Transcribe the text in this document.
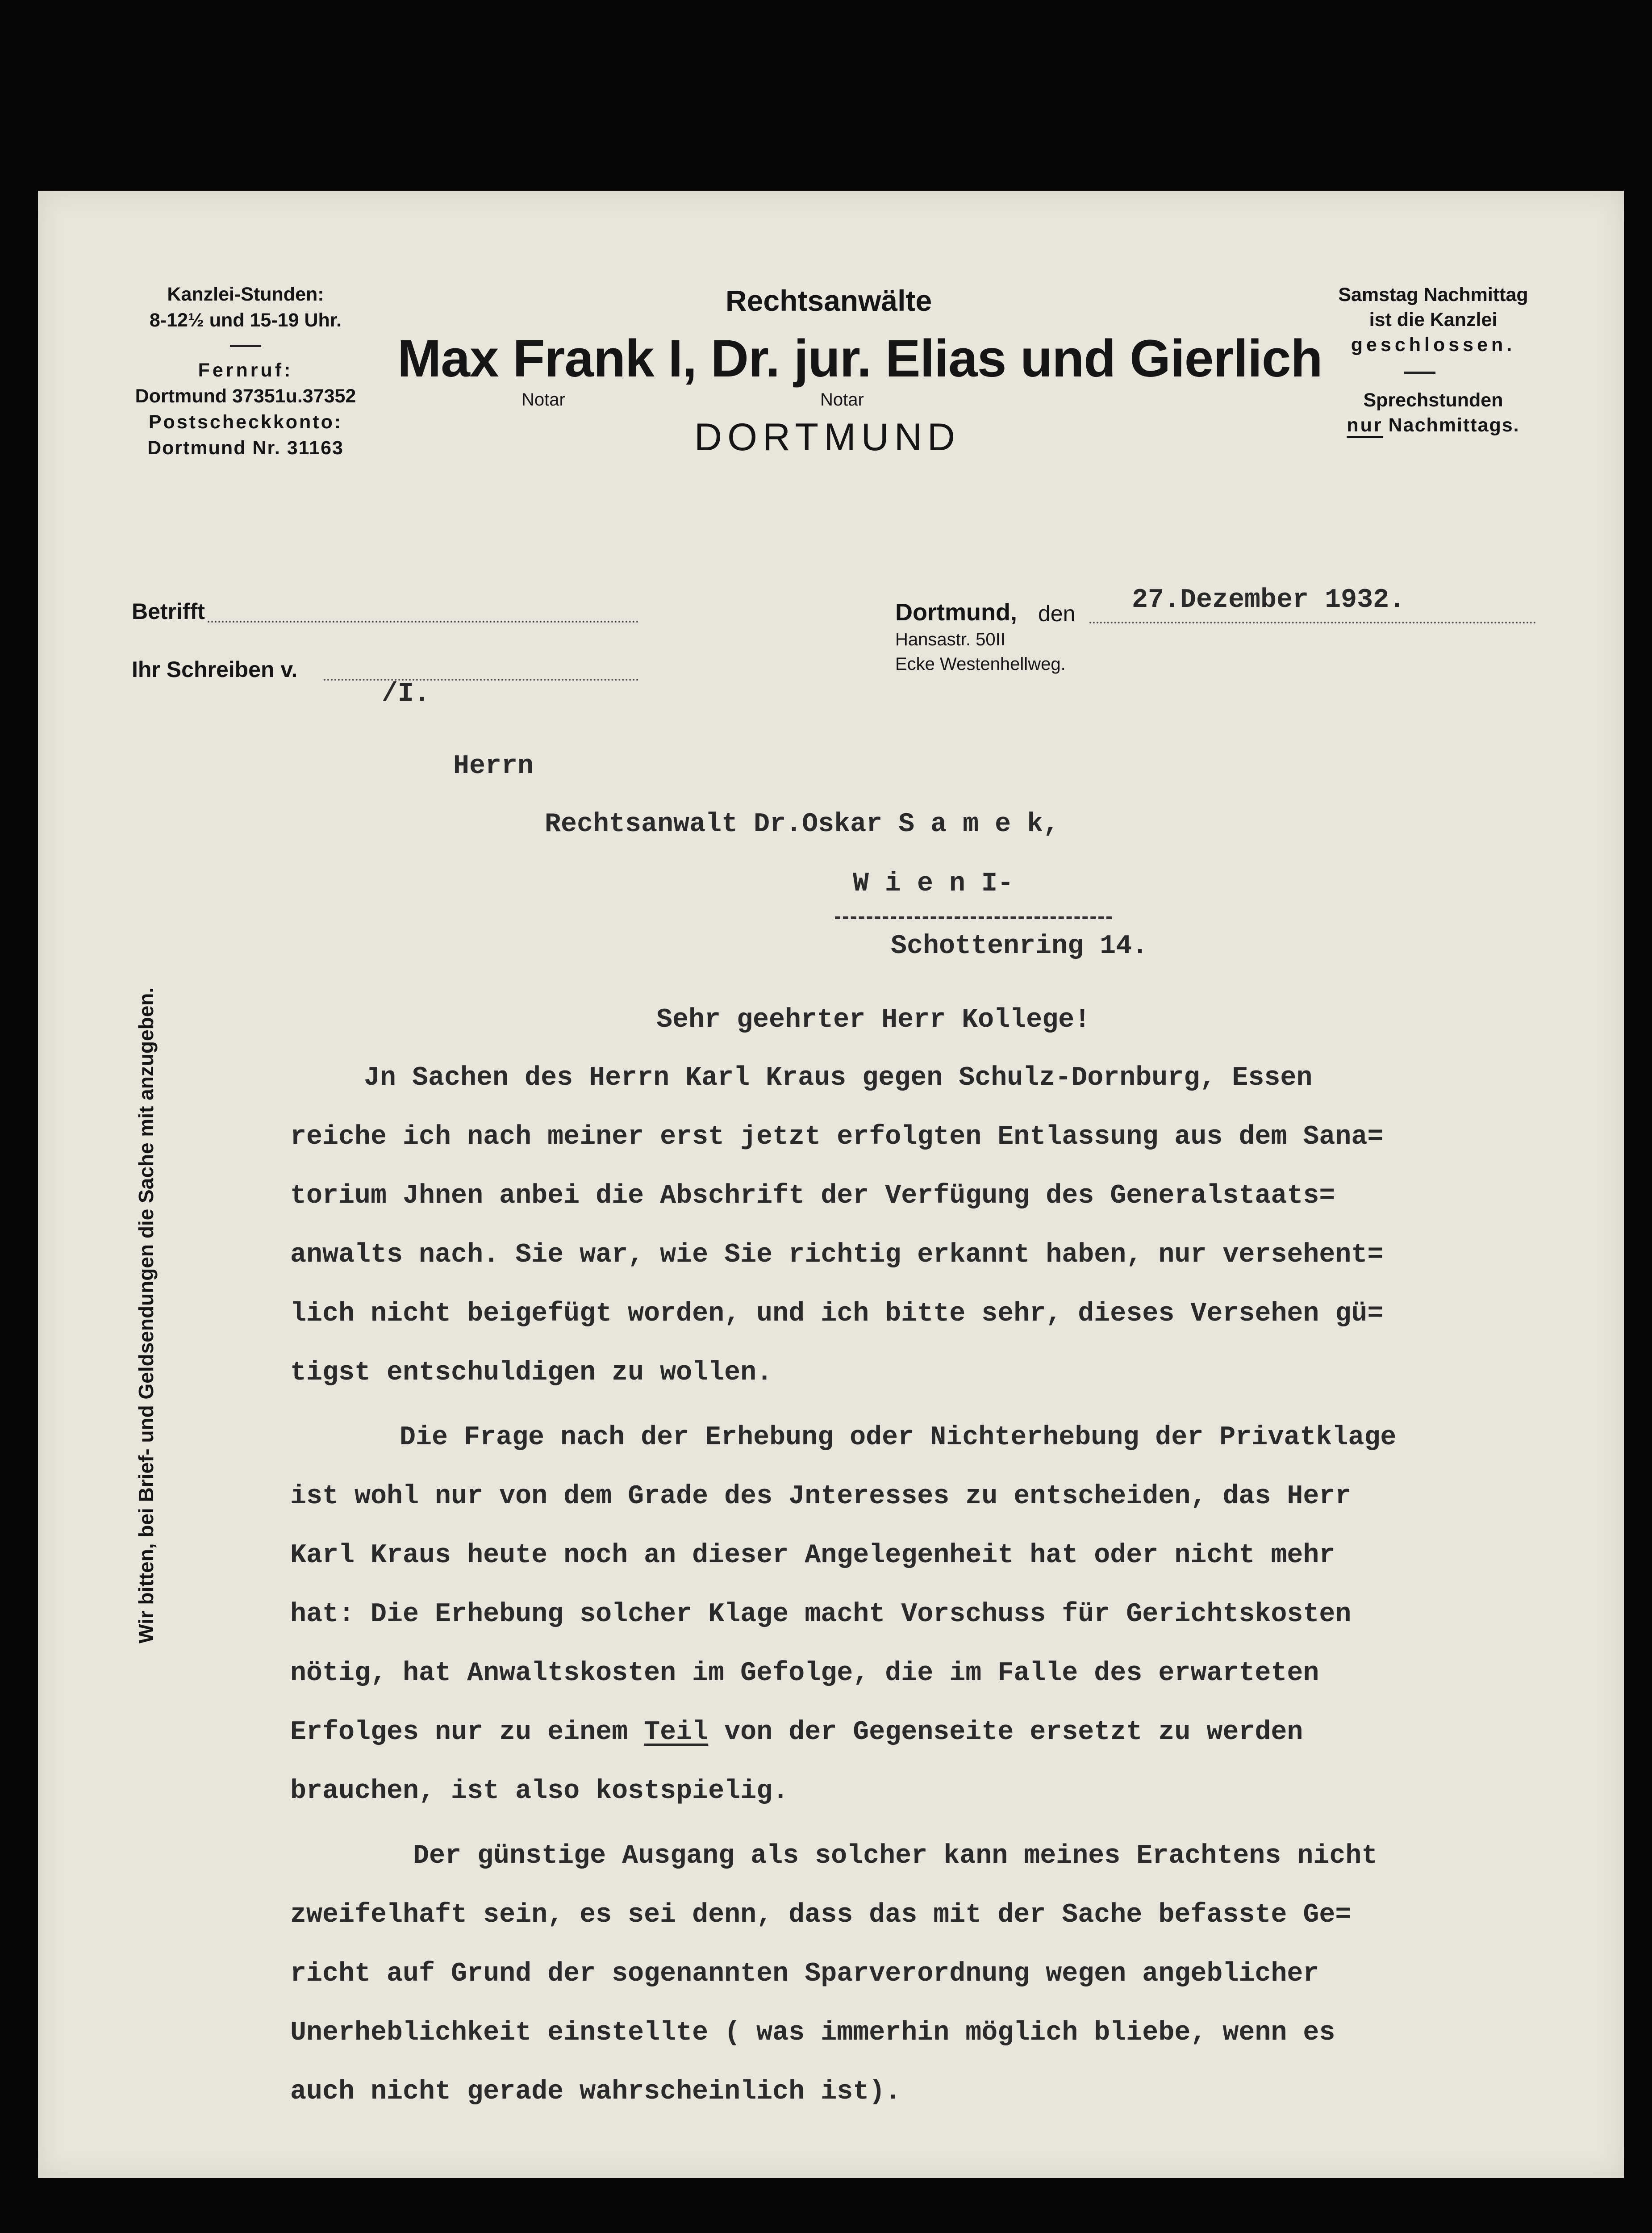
Kanzlei-Stunden:
8-12½ und 15-19 Uhr.
Fernruf:
Dortmund 37351u.37352
Postscheckkonto:
Dortmund Nr. 31163
Rechtsanwälte
Max Frank I, Dr. jur. Elias und Gierlich
Notar	Notar
DORTMUND
Samstag Nachmittag
ist die Kanzlei
geschlossen.
Sprechstunden
nur Nachmittags.
Betrifft
Ihr Schreiben v.
/I.
Dortmund, den 27.Dezember 1932.
Hansastr. 50II
Ecke Westenhellweg.
Wir bitten, bei Brief- und Geldsendungen die Sache mit anzugeben.
Herrn
Rechtsanwalt Dr.Oskar S a m e k,
W i e n I-
Schottenring 14.
Sehr geehrter Herr Kollege!
Jn Sachen des Herrn Karl Kraus gegen Schulz-Dornburg, Essen
reiche ich nach meiner erst jetzt erfolgten Entlassung aus dem Sana=
torium Jhnen anbei die Abschrift der Verfügung des Generalstaats=
anwalts nach. Sie war, wie Sie richtig erkannt haben, nur versehent=
lich nicht beigefügt worden, und ich bitte sehr, dieses Versehen gü=
tigst entschuldigen zu wollen.
Die Frage nach der Erhebung oder Nichterhebung der Privatklage
ist wohl nur von dem Grade des Jnteresses zu entscheiden, das Herr
Karl Kraus heute noch an dieser Angelegenheit hat oder nicht mehr
hat: Die Erhebung solcher Klage macht Vorschuss für Gerichtskosten
nötig, hat Anwaltskosten im Gefolge, die im Falle des erwarteten
Erfolges nur zu einem Teil von der Gegenseite ersetzt zu werden
brauchen, ist also kostspielig.
Der günstige Ausgang als solcher kann meines Erachtens nicht
zweifelhaft sein, es sei denn, dass das mit der Sache befasste Ge=
richt auf Grund der sogenannten Sparverordnung wegen angeblicher
Unerheblichkeit einstellte ( was immerhin möglich bliebe, wenn es
auch nicht gerade wahrscheinlich ist).
